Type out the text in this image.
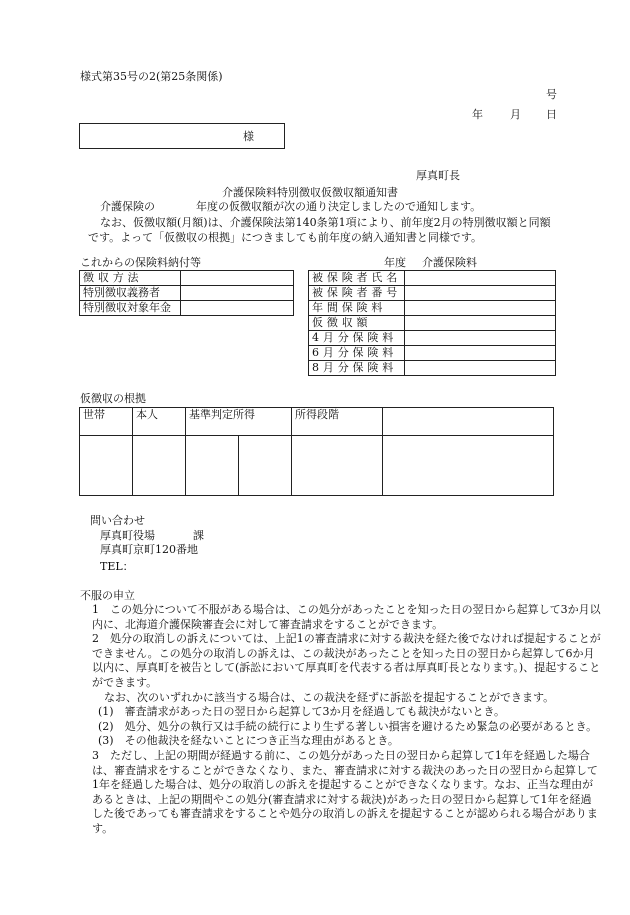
様式第35号の2(第25条関係)
号
年 月 日
様
厚真町長
介護保険料特別徴収仮徴収額通知書
介護保険の	年度の仮徴収額が次の通り決定しましたので通知します。
なお、仮徴収額(月額)は、介護保険法第140条第1項により、前年度2月の特別徴収額と同額です。よって「仮徴収の根拠」につきましても前年度の納入通知書と同様です。
これからの保険料納付等	年度 介護保険料
徴収方法	
特別徴収義務者	
特別徴収対象年金	
被保険者氏名	
被保険者番号	
年間保険料	
仮徴収額	
4月分保険料	
6月分保険料	
8月分保険料	
仮徴収の根拠
世帯	本人	基準判定所得		所得段階	

問い合わせ
厚真町役場	課
厚真町京町120番地
TEL：
不服の申立

1　この処分について不服がある場合は、この処分があったことを知った日の翌日から起算して3か月以内に、北海道介護保険審査会に対して審査請求をすることができます。

2　処分の取消しの訴えについては、上記1の審査請求に対する裁決を経た後でなければ提起することができません。この処分の取消しの訴えは、この裁決があったことを知った日の翌日から起算して6か月以内に、厚真町を被告として(訴訟において厚真町を代表する者は厚真町長となります。)、提起することができます。

なお、次のいずれかに該当する場合は、この裁決を経ずに訴訟を提起することができます。

(1)　審査請求があった日の翌日から起算して3か月を経過しても裁決がないとき。

(2)　処分、処分の執行又は手続の続行により生ずる著しい損害を避けるため緊急の必要があるとき。

(3)　その他裁決を経ないことにつき正当な理由があるとき。

3　ただし、上記の期間が経過する前に、この処分があった日の翌日から起算して1年を経過した場合は、審査請求をすることができなくなり、また、審査請求に対する裁決のあった日の翌日から起算して1年を経過した場合は、処分の取消しの訴えを提起することができなくなります。なお、正当な理由があるときは、上記の期間やこの処分(審査請求に対する裁決)があった日の翌日から起算して1年を経過した後であっても審査請求をすることや処分の取消しの訴えを提起することが認められる場合があります。
